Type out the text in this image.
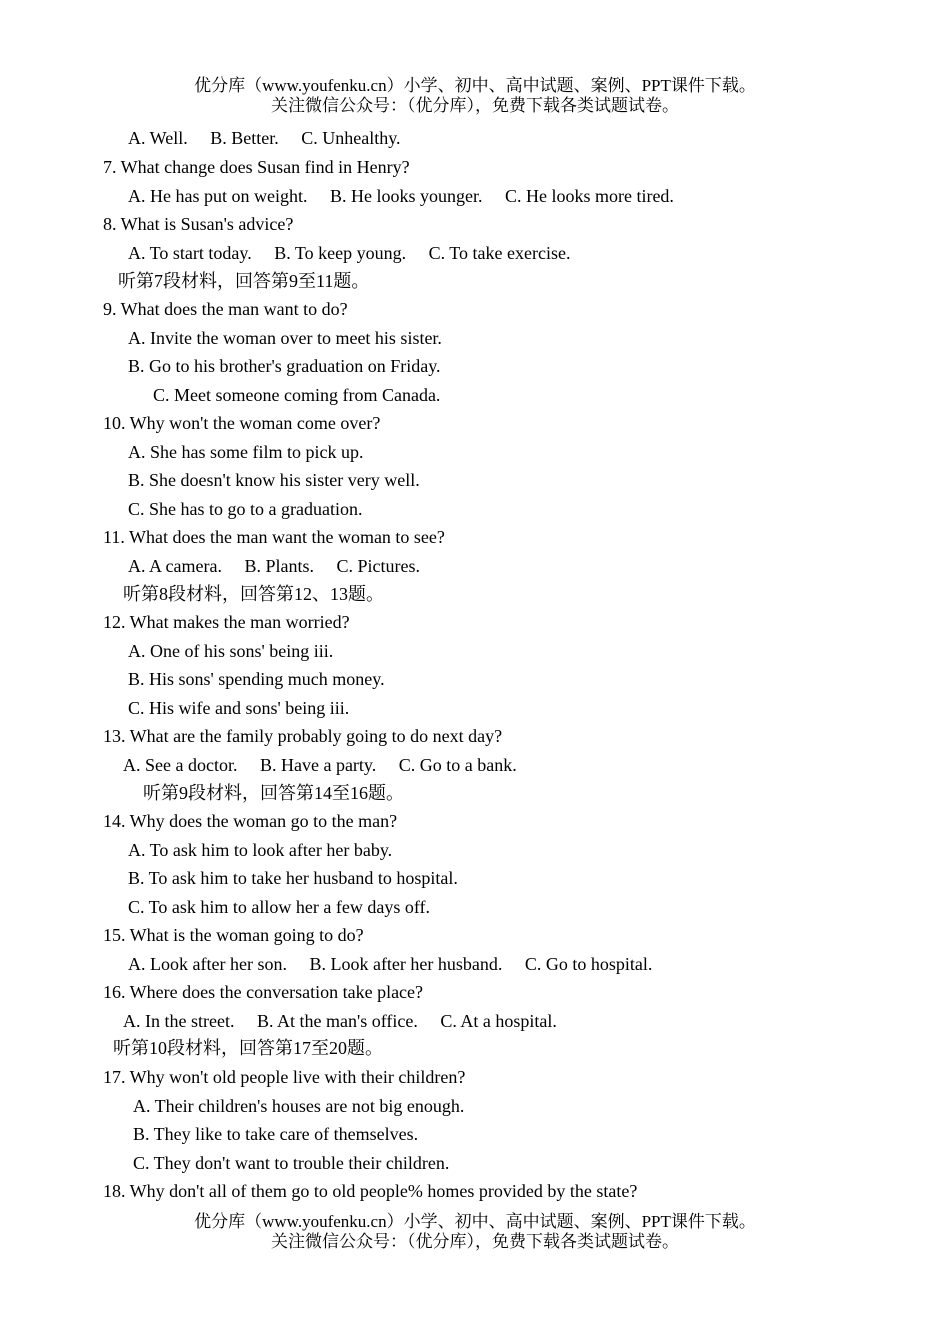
优分库（www.youfenku.cn）小学、初中、高中试题、案例、PPT课件下载。
关注微信公众号：（优分库），免费下载各类试题试卷。
A. Well.     B. Better.     C. Unhealthy.
7. What change does Susan find in Henry?
A. He has put on weight.     B. He looks younger.     C. He looks more tired.
8. What is Susan's advice?
A. To start today.     B. To keep young.     C. To take exercise.
听第7段材料，回答第9至11题。
9. What does the man want to do?
A. Invite the woman over to meet his sister.
B. Go to his brother's graduation on Friday.
C. Meet someone coming from Canada.
10. Why won't the woman come over?
A. She has some film to pick up.
B. She doesn't know his sister very well.
C. She has to go to a graduation.
11. What does the man want the woman to see?
A. A camera.     B. Plants.     C. Pictures.
听第8段材料，回答第12、13题。
12. What makes the man worried?
A. One of his sons' being iii.
B. His sons' spending much money.
C. His wife and sons' being iii.
13. What are the family probably going to do next day?
A. See a doctor.     B. Have a party.     C. Go to a bank.
听第9段材料，回答第14至16题。
14. Why does the woman go to the man?
A. To ask him to look after her baby.
B. To ask him to take her husband to hospital.
C. To ask him to allow her a few days off.
15. What is the woman going to do?
A. Look after her son.     B. Look after her husband.     C. Go to hospital.
16. Where does the conversation take place?
A. In the street.     B. At the man's office.     C. At a hospital.
听第10段材料，回答第17至20题。
17. Why won't old people live with their children?
A. Their children's houses are not big enough.
B. They like to take care of themselves.
C. They don't want to trouble their children.
18. Why don't all of them go to old people% homes provided by the state?
优分库（www.youfenku.cn）小学、初中、高中试题、案例、PPT课件下载。
关注微信公众号：（优分库），免费下载各类试题试卷。
